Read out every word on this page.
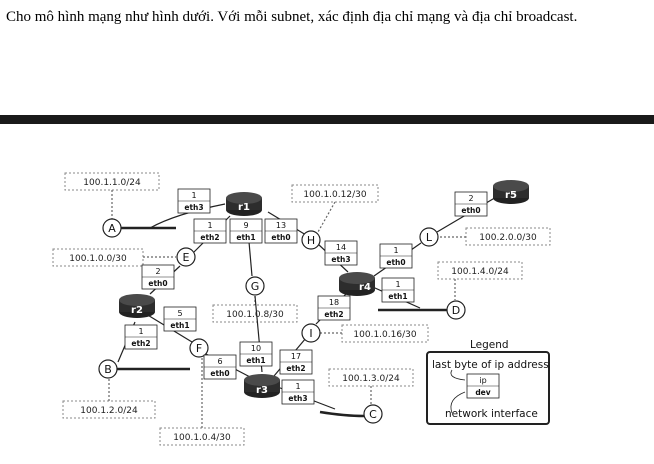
Cho mô hình mạng như hình dưới. Với mỗi subnet, xác định địa chỉ mạng và địa chỉ broadcast.

100.1.1.0/24
100.1.0.0/30
100.1.0.8/30
100.1.2.0/24
100.1.0.4/30
100.1.0.12/30
100.2.0.0/30
100.1.4.0/24
100.1.0.16/30
100.1.3.0/24
r1
r2
r3
r4
r5
A
E
G
B
F
H	L
D
I
C
1
eth3
1
eth2
9
eth1
13
eth0
2
eth0
5
eth1
1
eth2
6
eth0
10
eth1	17
eth2
1
eth3
14
eth3
1
eth0
1
eth1
18
eth2
2
eth0
Legend
last byte of ip address
ip
dev
network interface
